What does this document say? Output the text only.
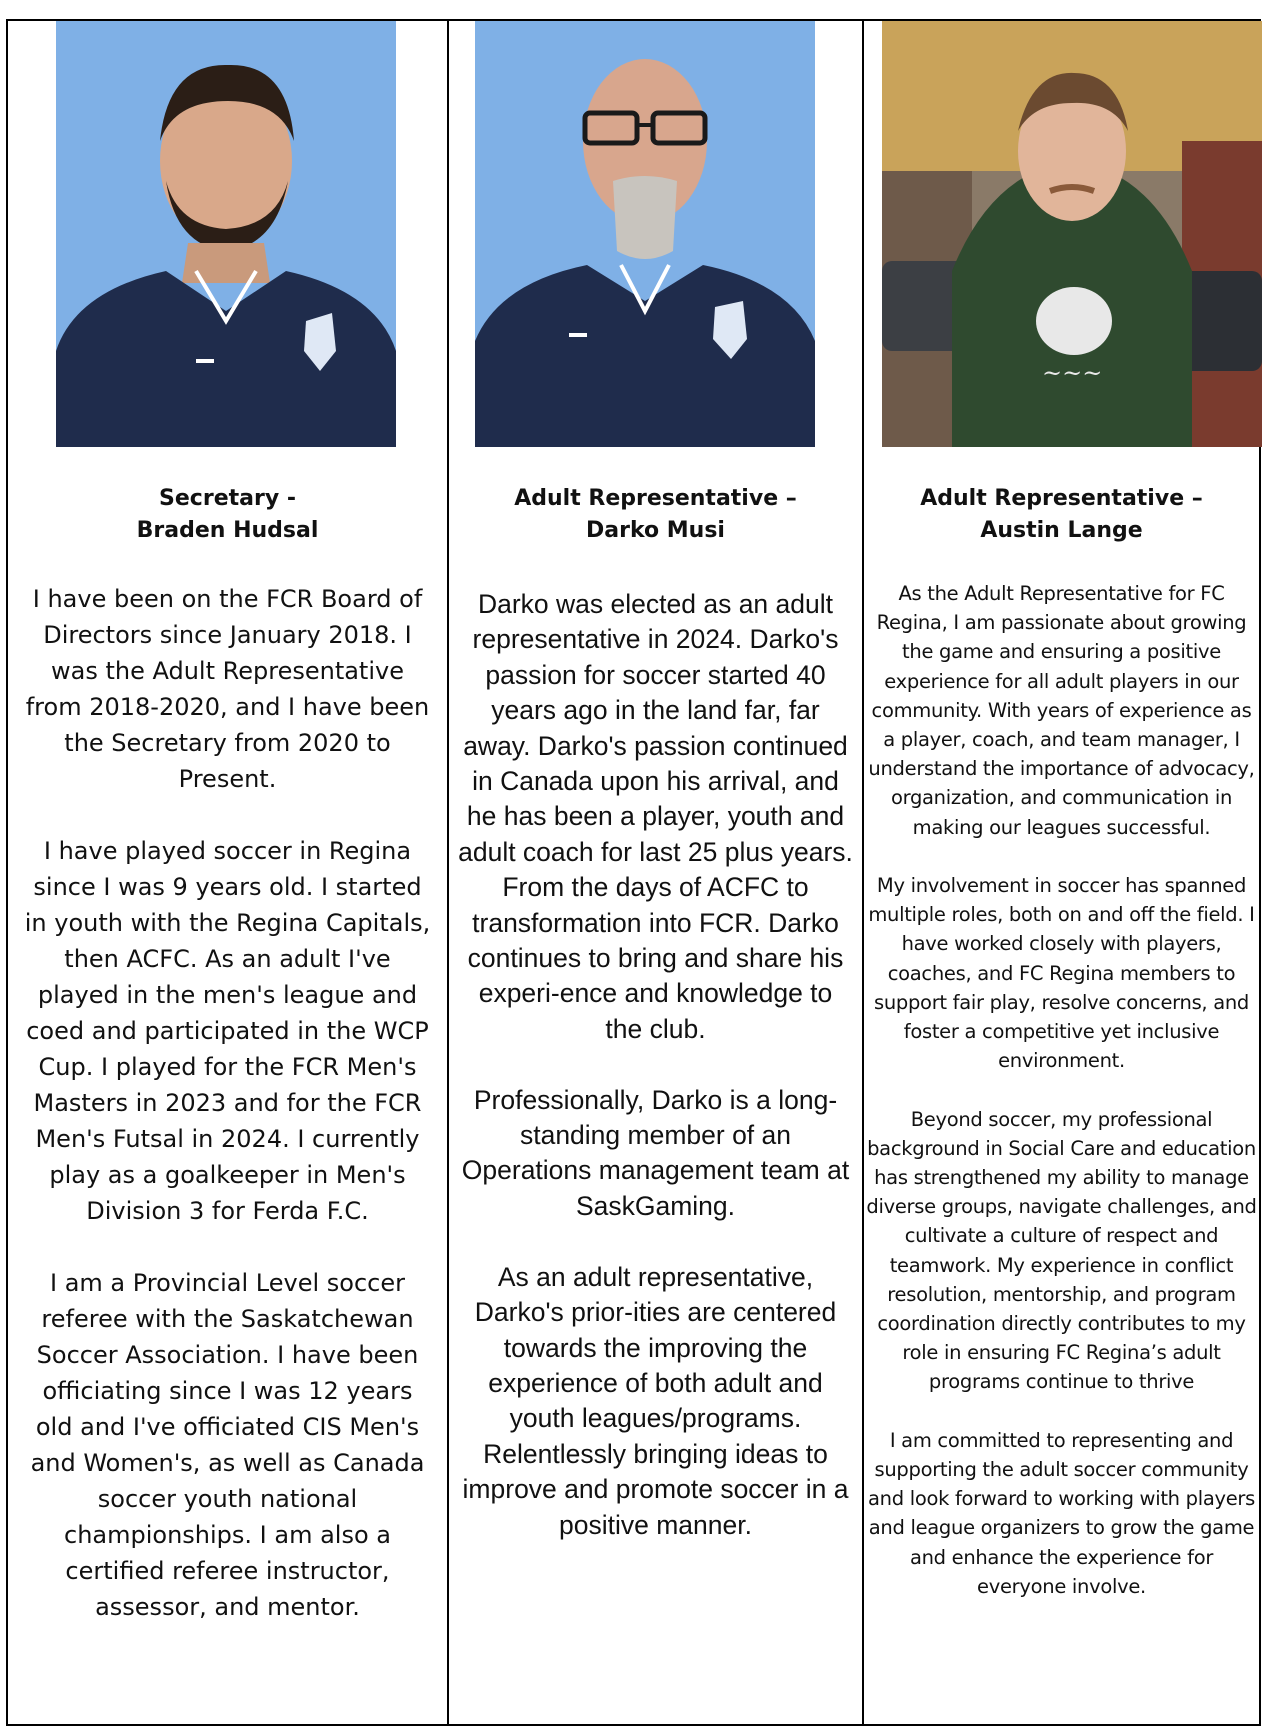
Secretary -
Braden Hudsal

I have been on the FCR Board of Directors since January 2018. I was the Adult Representative from 2018-2020, and I have been the Secretary from 2020 to Present.

I have played soccer in Regina since I was 9 years old. I started in youth with the Regina Capitals, then ACFC. As an adult I've played in the men's league and coed and participated in the WCP Cup. I played for the FCR Men's Masters in 2023 and for the FCR Men's Futsal in 2024. I currently play as a goalkeeper in Men's Division 3 for Ferda F.C.

I am a Provincial Level soccer referee with the Saskatchewan Soccer Association. I have been officiating since I was 12 years old and I've officiated CIS Men's and Women's, as well as Canada soccer youth national championships. I am also a certified referee instructor, assessor, and mentor.

Adult Representative –
Darko Musi

Darko was elected as an adult representative in 2024. Darko's passion for soccer started 40 years ago in the land far, far away. Darko's passion continued in Canada upon his arrival, and he has been a player, youth and adult coach for last 25 plus years. From the days of ACFC to transformation into FCR. Darko continues to bring and share his experi-ence and knowledge to the club.

Professionally, Darko is a long-standing member of an Operations management team at SaskGaming.

As an adult representative, Darko's prior-ities are centered towards the improving the experience of both adult and youth leagues/programs. Relentlessly bringing ideas to improve and promote soccer in a positive manner.

~~~
Adult Representative –
Austin Lange

As the Adult Representative for FC Regina, I am passionate about growing the game and ensuring a positive experience for all adult players in our community. With years of experience as a player, coach, and team manager, I understand the importance of advocacy, organization, and communication in making our leagues successful.

My involvement in soccer has spanned multiple roles, both on and off the field. I have worked closely with players, coaches, and FC Regina members to support fair play, resolve concerns, and foster a competitive yet inclusive environment.

Beyond soccer, my professional background in Social Care and education has strengthened my ability to manage diverse groups, navigate challenges, and cultivate a culture of respect and teamwork. My experience in conflict resolution, mentorship, and program coordination directly contributes to my role in ensuring FC Regina’s adult programs continue to thrive

I am committed to representing and supporting the adult soccer community and look forward to working with players and league organizers to grow the game and enhance the experience for everyone involve.
